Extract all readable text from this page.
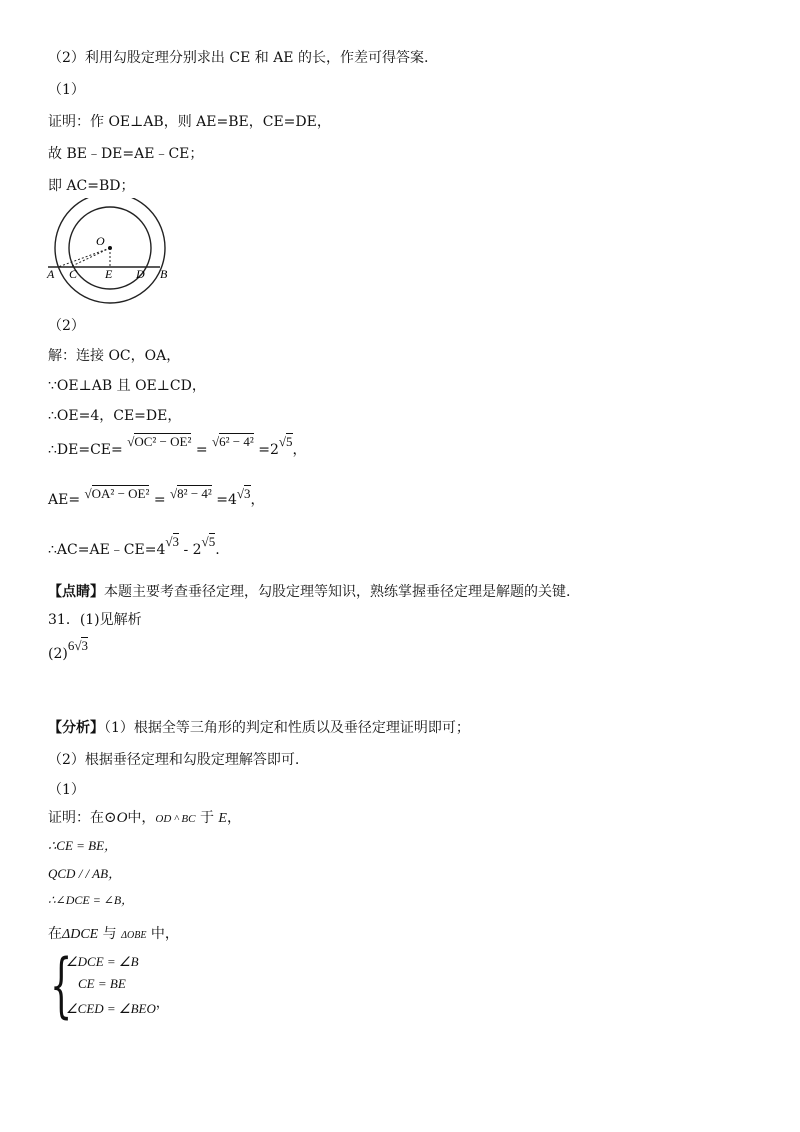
（2）利用勾股定理分别求出 CE 和 AE 的长，作差可得答案.
（1）
证明：作 OE⊥AB，则 AE=BE，CE=DE，
故 BE﹣DE=AE﹣CE；
即 AC=BD；
O
A C E D B
（2）
解：连接 OC，OA，
∵OE⊥AB 且 OE⊥CD，
∴OE=4，CE=DE，
∴DE=CE= √OC² − OE² = √6² − 4² =2√5，
AE= √OA² − OE² = √8² − 4² =4√3，
∴AC=AE﹣CE=4√3 - 2√5.
【点睛】本题主要考查垂径定理，勾股定理等知识，熟练掌握垂径定理是解题的关键.
31．(1)见解析
(2)6√3
【分析】（1）根据全等三角形的判定和性质以及垂径定理证明即可；
（2）根据垂径定理和勾股定理解答即可.
（1）
证明：在⊙O中，OD ^ BC 于 E，
∴CE = BE，
QCD / / AB，
∴∠DCE = ∠B，
在ΔDCE 与 ΔOBE 中，
{
∠DCE = ∠B
CE = BE
∠CED = ∠BEO，
